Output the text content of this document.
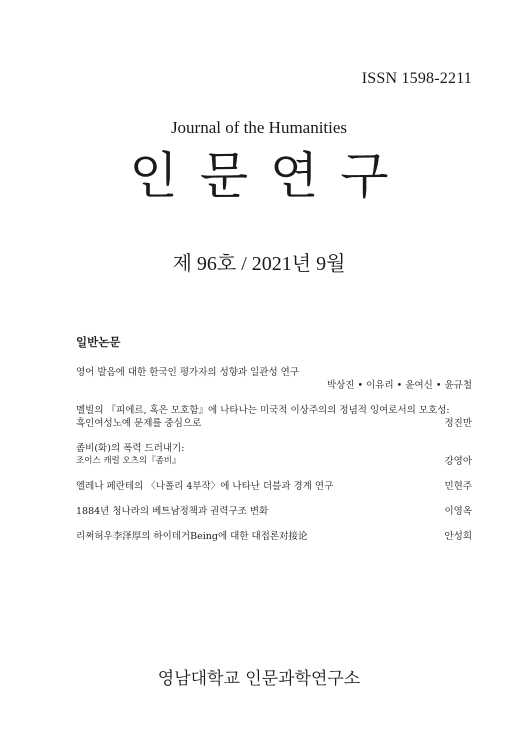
ISSN 1598-2211
Journal of the Humanities
인문연구
제 96호 / 2021년 9월
일반논문
영어 발음에 대한 한국인 평가자의 성향과 일관성 연구
박상진 • 이유리 • 윤여신 • 윤규철
멜빌의 『피에르, 혹은 모호함』에 나타나는 미국적 이상주의의 정념적 잉여로서의 모호성:
흑인여성노예 문제를 중심으로	정진만
좀비(화)의 폭력 드러내기:
조이스 캐럴 오츠의『좀비』	강영아
엘레나 페란테의 〈나폴리 4부작〉에 나타난 더블과 경계 연구	민현주
1884년 청나라의 베트남정책과 권력구조 변화	이영옥
리쩌허우李泽厚의 하이데거Being에 대한 대접론对接论	안성희
영남대학교 인문과학연구소
